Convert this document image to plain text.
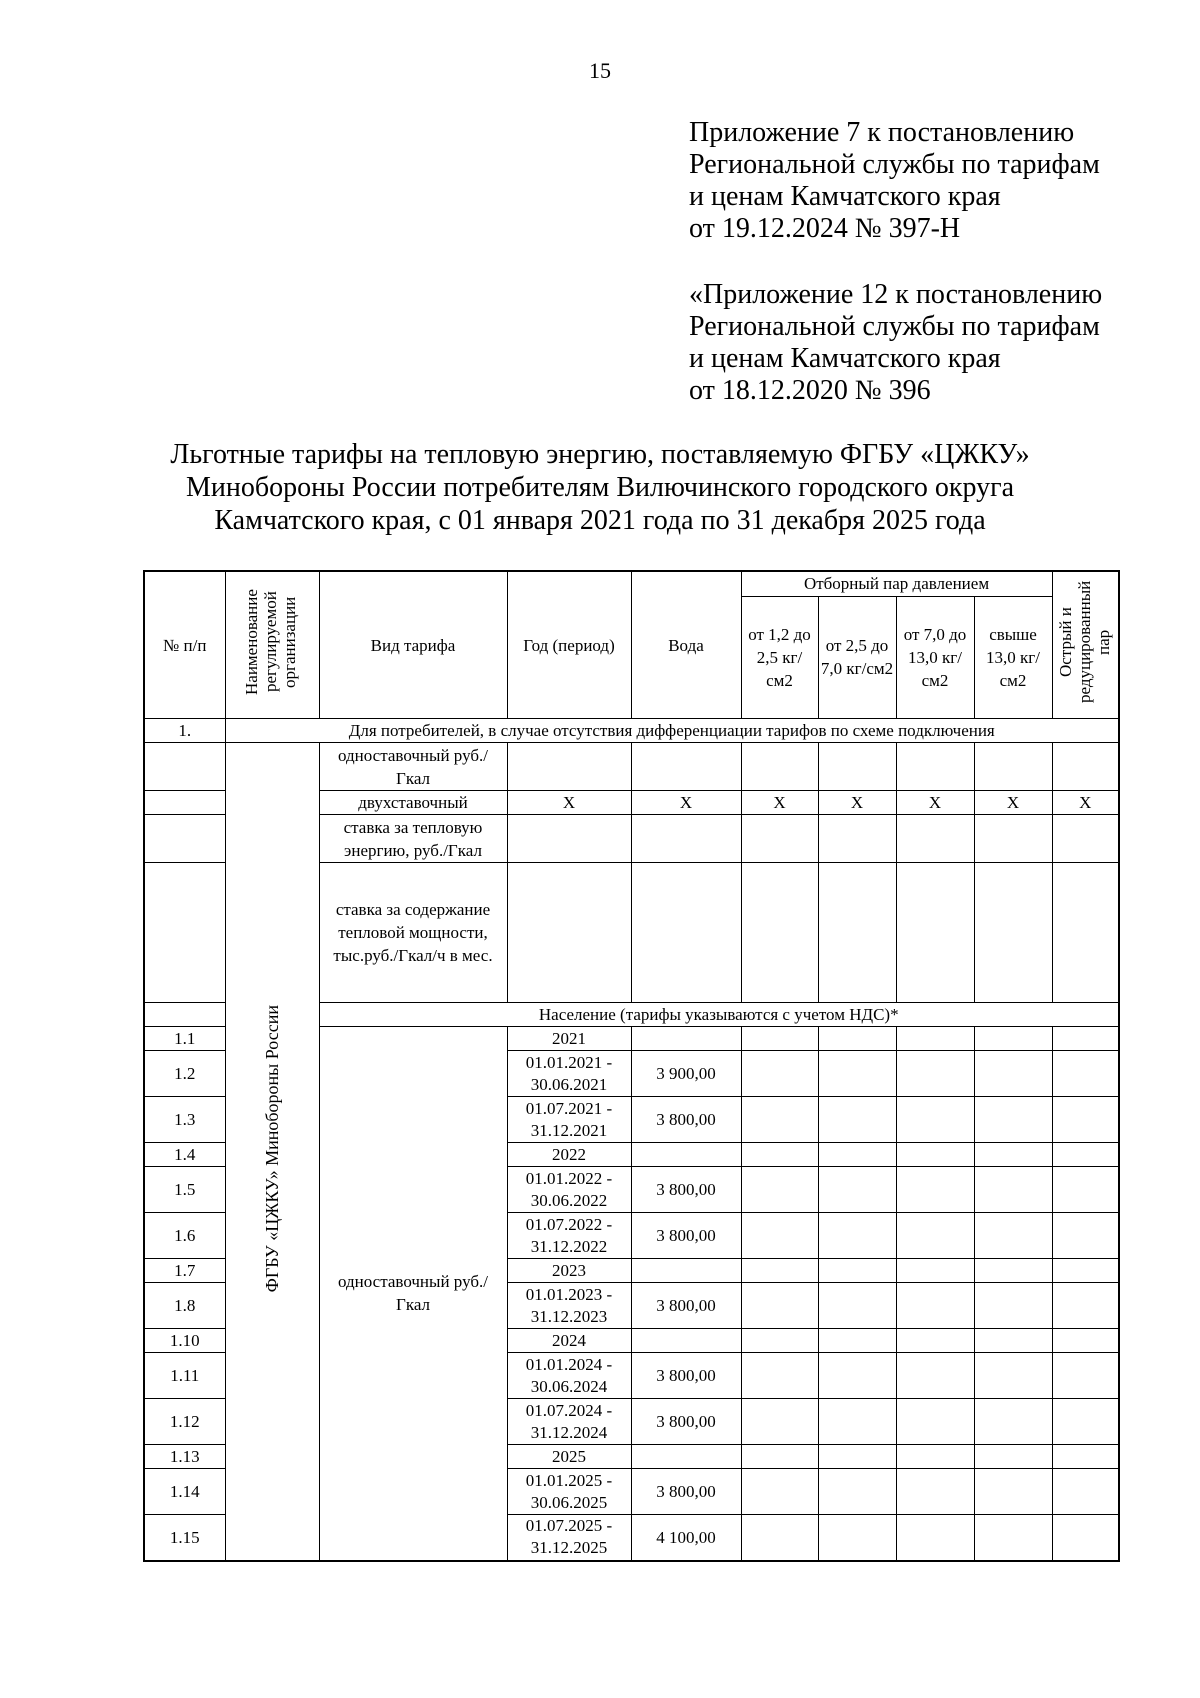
15
Приложение 7 к постановлению
Региональной службы по тарифам
и ценам Камчатского края
от 19.12.2024 № 397-Н
«Приложение 12 к постановлению
Региональной службы по тарифам
и ценам Камчатского края
от 18.12.2020 № 396
Льготные тарифы на тепловую энергию, поставляемую ФГБУ «ЦЖКУ»
Минобороны России потребителям Вилючинского городского округа
Камчатского края, с 01 января 2021 года по 31 декабря 2025 года
№ п/п	Наименование регулируемой организации	Вид тарифа	Год (период)	Вода	Отборный пар давлением				Острый и редуцированный пар
					от 1,2 до 2,5 кг/см2	от 2,5 до 7,0 кг/см2	от 7,0 до 13,0 кг/см2	свыше 13,0 кг/см2	
1.	Для потребителей, в случае отсутствия дифференциации тарифов по схеме подключения								
	ФГБУ «ЦЖКУ» Минобороны России	одноставочный руб./Гкал							
		двухставочный	X	X	X	X	X	X	X
		ставка за тепловую энергию, руб./Гкал							
		ставка за содержание тепловой мощности, тыс.руб./Гкал/ч в мес.							
		Население (тарифы указываются с учетом НДС)*							
1.1		одноставочный руб./Гкал	2021						
1.2			01.01.2021 - 30.06.2021	3 900,00					
1.3			01.07.2021 - 31.12.2021	3 800,00					
1.4			2022						
1.5			01.01.2022 - 30.06.2022	3 800,00					
1.6			01.07.2022 - 31.12.2022	3 800,00					
1.7			2023						
1.8			01.01.2023 - 31.12.2023	3 800,00					
1.10			2024						
1.11			01.01.2024 - 30.06.2024	3 800,00					
1.12			01.07.2024 - 31.12.2024	3 800,00					
1.13			2025						
1.14			01.01.2025 - 30.06.2025	3 800,00					
1.15			01.07.2025 - 31.12.2025	4 100,00					
